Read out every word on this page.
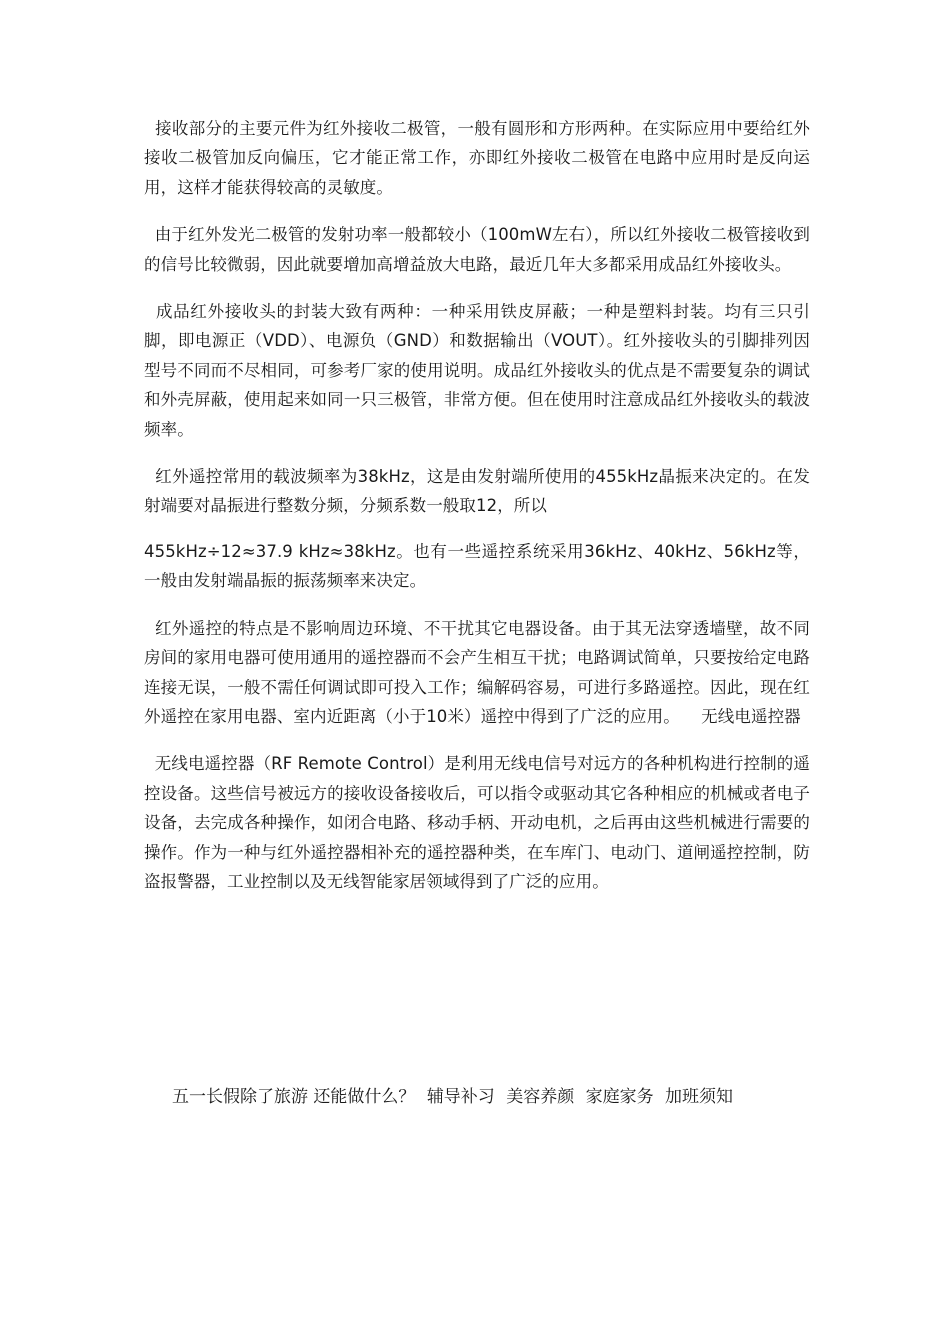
接收部分的主要元件为红外接收二极管，一般有圆形和方形两种。在实际应用中要给红外接收二极管加反向偏压，它才能正常工作，亦即红外接收二极管在电路中应用时是反向运用，这样才能获得较高的灵敏度。

由于红外发光二极管的发射功率一般都较小（100mW左右），所以红外接收二极管接收到的信号比较微弱，因此就要增加高增益放大电路，最近几年大多都采用成品红外接收头。

成品红外接收头的封装大致有两种：一种采用铁皮屏蔽；一种是塑料封装。均有三只引脚，即电源正（VDD）、电源负（GND）和数据输出（VOUT）。红外接收头的引脚排列因型号不同而不尽相同，可参考厂家的使用说明。成品红外接收头的优点是不需要复杂的调试和外壳屏蔽，使用起来如同一只三极管，非常方便。但在使用时注意成品红外接收头的载波频率。

红外遥控常用的载波频率为38kHz，这是由发射端所使用的455kHz晶振来决定的。在发射端要对晶振进行整数分频，分频系数一般取12，所以

455kHz÷12≈37.9 kHz≈38kHz。也有一些遥控系统采用36kHz、40kHz、56kHz等，一般由发射端晶振的振荡频率来决定。

红外遥控的特点是不影响周边环境、不干扰其它电器设备。由于其无法穿透墙壁，故不同房间的家用电器可使用通用的遥控器而不会产生相互干扰；电路调试简单，只要按给定电路连接无误，一般不需任何调试即可投入工作；编解码容易，可进行多路遥控。因此，现在红外遥控在家用电器、室内近距离（小于10米）遥控中得到了广泛的应用。    无线电遥控器

无线电遥控器（RF Remote Control）是利用无线电信号对远方的各种机构进行控制的遥控设备。这些信号被远方的接收设备接收后，可以指令或驱动其它各种相应的机械或者电子设备，去完成各种操作，如闭合电路、移动手柄、开动电机，之后再由这些机械进行需要的操作。作为一种与红外遥控器相补充的遥控器种类，在车库门、电动门、道闸遥控控制，防盗报警器，工业控制以及无线智能家居领域得到了广泛的应用。

五一长假除了旅游 还能做什么？ 辅导补习 美容养颜 家庭家务 加班须知
